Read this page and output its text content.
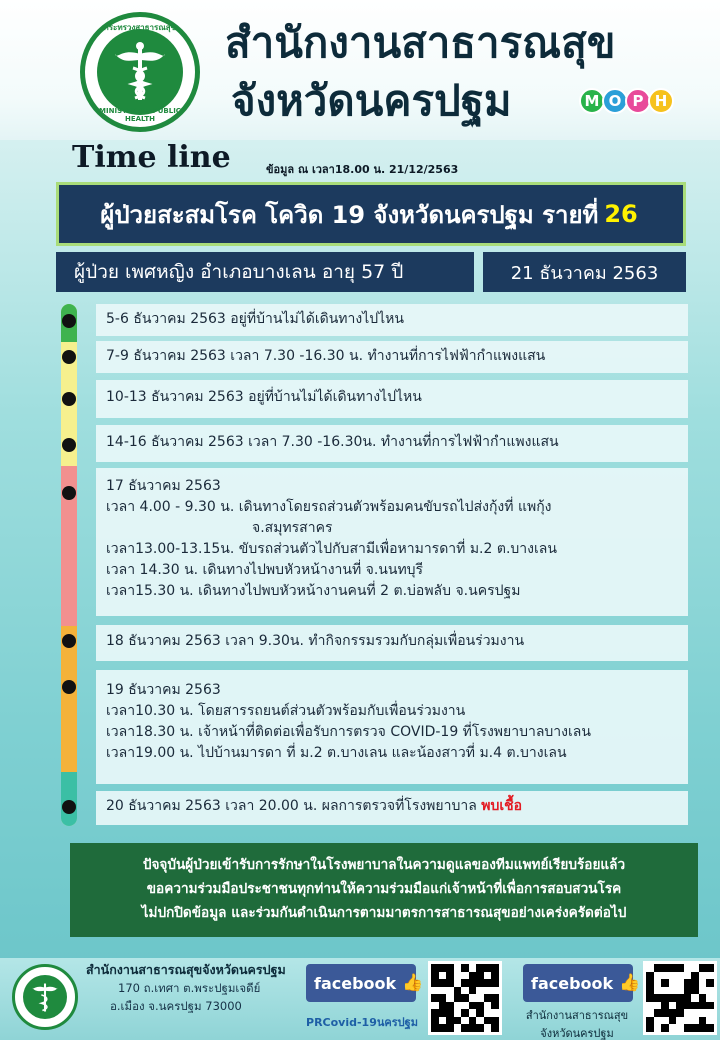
กระทรวงสาธารณสุข
MINISTRY OF PUBLIC HEALTH
สำนักงานสาธารณสุข
จังหวัดนครปฐม	M O P H
Time line	ข้อมูล ณ เวลา18.00 น. 21/12/2563
ผู้ป่วยสะสมโรค โควิด 19 จังหวัดนครปฐม รายที่ 26
ผู้ป่วย เพศหญิง อำเภอบางเลน อายุ 57 ปี	21 ธันวาคม 2563
5-6 ธันวาคม 2563 อยู่ที่บ้านไม่ได้เดินทางไปไหน
7-9 ธันวาคม 2563 เวลา 7.30 -16.30 น. ทำงานที่การไฟฟ้ากำแพงแสน
10-13 ธันวาคม 2563 อยู่ที่บ้านไม่ได้เดินทางไปไหน
14-16 ธันวาคม 2563 เวลา 7.30 -16.30น. ทำงานที่การไฟฟ้ากำแพงแสน
17 ธันวาคม 2563
เวลา 4.00 - 9.30 น. เดินทางโดยรถส่วนตัวพร้อมคนขับรถไปส่งกุ้งที่ แพกุ้ง
จ.สมุทรสาคร
เวลา13.00-13.15น. ขับรถส่วนตัวไปกับสามีเพื่อหามารดาที่ ม.2 ต.บางเลน
เวลา 14.30 น. เดินทางไปพบหัวหน้างานที่ จ.นนทบุรี
เวลา15.30 น. เดินทางไปพบหัวหน้างานคนที่ 2 ต.บ่อพลับ จ.นครปฐม
18 ธันวาคม 2563 เวลา 9.30น. ทำกิจกรรมรวมกับกลุ่มเพื่อนร่วมงาน
19 ธันวาคม 2563
เวลา10.30 น. โดยสารรถยนต์ส่วนตัวพร้อมกับเพื่อนร่วมงาน
เวลา18.30 น. เจ้าหน้าที่ติดต่อเพื่อรับการตรวจ COVID-19 ที่โรงพยาบาลบางเลน
เวลา19.00 น. ไปบ้านมารดา ที่ ม.2 ต.บางเลน และน้องสาวที่ ม.4 ต.บางเลน
20 ธันวาคม 2563 เวลา 20.00 น. ผลการตรวจที่โรงพยาบาล พบเชื้อ
ปัจจุบันผู้ป่วยเข้ารับการรักษาในโรงพยาบาลในความดูแลของทีมแพทย์เรียบร้อยแล้ว
ขอความร่วมมือประชาชนทุกท่านให้ความร่วมมือแก่เจ้าหน้าที่เพื่อการสอบสวนโรค
ไม่ปกปิดข้อมูล และร่วมกันดำเนินการตามมาตรการสาธารณสุขอย่างเคร่งครัดต่อไป
สำนักงานสาธารณสุขจังหวัดนครปฐม
170 ถ.เทศา ต.พระปฐมเจดีย์
อ.เมือง จ.นครปฐม 73000
facebook 👍
PRCovid-19นครปฐม
facebook 👍
สำนักงานสาธารณสุข
จังหวัดนครปฐม
